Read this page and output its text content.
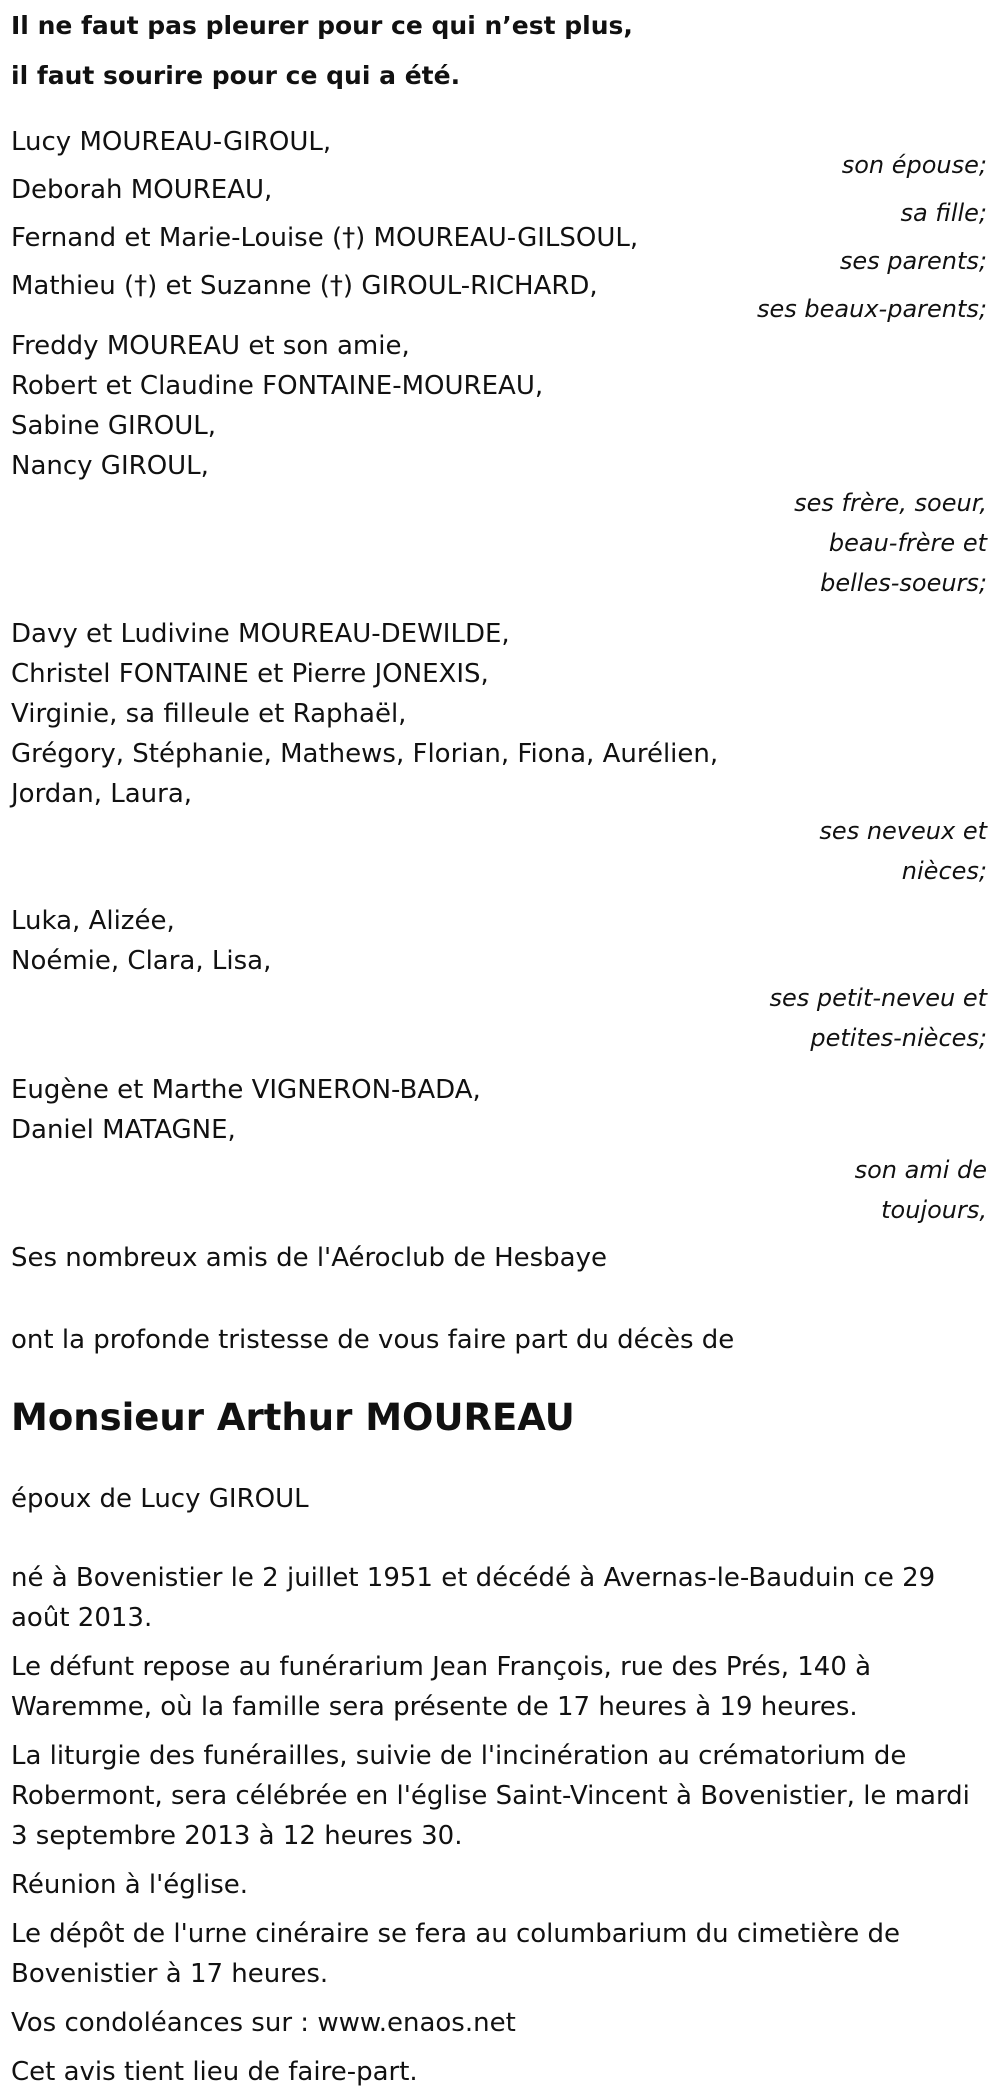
Il ne faut pas pleurer pour ce qui n’est plus,
il faut sourire pour ce qui a été.
Lucy MOUREAU-GIROUL,
son épouse;
Deborah MOUREAU,
sa fille;
Fernand et Marie-Louise (†) MOUREAU-GILSOUL,
ses parents;
Mathieu (†) et Suzanne (†) GIROUL-RICHARD,
ses beaux-parents;
Freddy MOUREAU et son amie,
Robert et Claudine FONTAINE-MOUREAU,
Sabine GIROUL,
Nancy GIROUL,
ses frère, soeur,
beau-frère et
belles-soeurs;
Davy et Ludivine MOUREAU-DEWILDE,
Christel FONTAINE et Pierre JONEXIS,
Virginie, sa filleule et Raphaël,
Grégory, Stéphanie, Mathews, Florian, Fiona, Aurélien,
Jordan, Laura,
ses neveux et
nièces;
Luka, Alizée,
Noémie, Clara, Lisa,
ses petit-neveu et
petites-nièces;
Eugène et Marthe VIGNERON-BADA,
Daniel MATAGNE,
son ami de
toujours,
Ses nombreux amis de l'Aéroclub de Hesbaye
ont la profonde tristesse de vous faire part du décès de
Monsieur Arthur MOUREAU
époux de Lucy GIROUL
né à Bovenistier le 2 juillet 1951 et décédé à Avernas-le-Bauduin ce 29 août 2013.
Le défunt repose au funérarium Jean François, rue des Prés, 140 à Waremme, où la famille sera présente de 17 heures à 19 heures.
La liturgie des funérailles, suivie de l'incinération au crématorium de Robermont, sera célébrée en l'église Saint-Vincent à Bovenistier, le mardi 3 septembre 2013 à 12 heures 30.
Réunion à l'église.
Le dépôt de l'urne cinéraire se fera au columbarium du cimetière de Bovenistier à 17 heures.
Vos condoléances sur : www.enaos.net
Cet avis tient lieu de faire-part.
